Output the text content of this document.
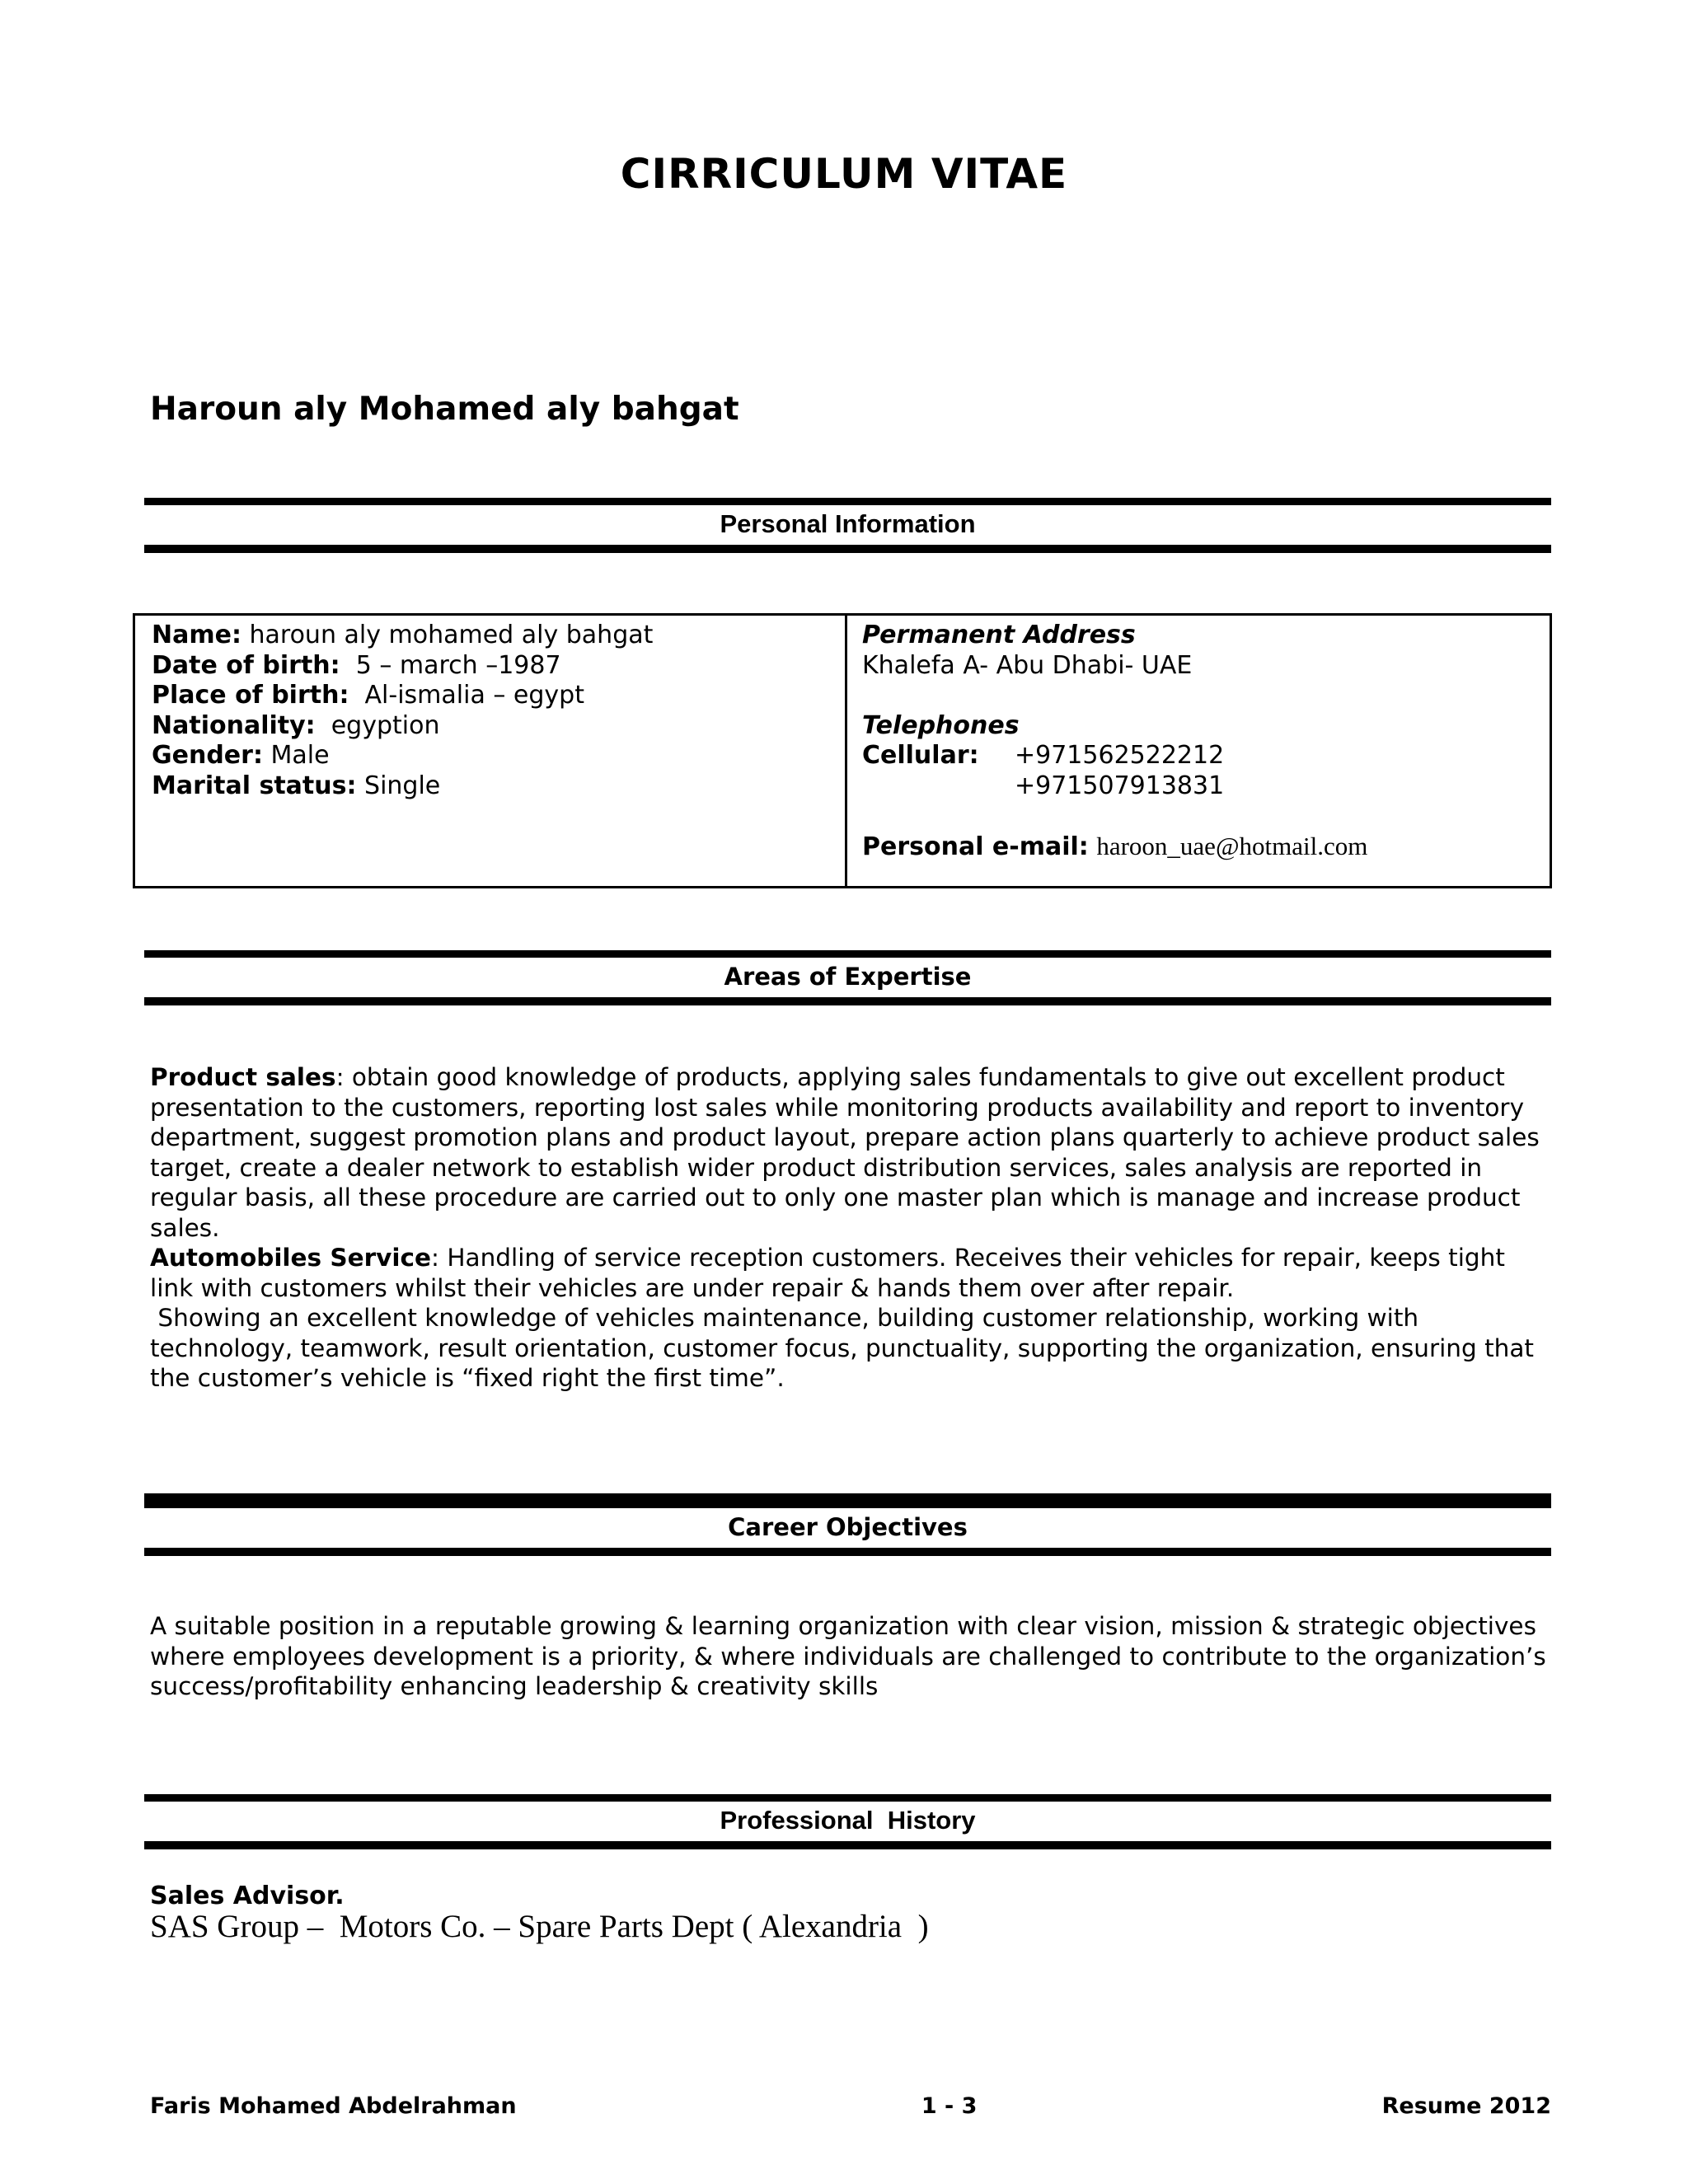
CIRRICULUM VITAE
Haroun aly Mohamed aly bahgat
Personal Information
Name: haroun aly mohamed aly bahgat
Date of birth:  5 – march –1987
Place of birth:  Al-ismalia – egypt
Nationality:  egyption
Gender: Male
Marital status: Single
Permanent Address
Khalefa A- Abu Dhabi- UAE
Telephones
Cellular:	+971562522212
+971507913831
Personal e-mail: haroon_uae@hotmail.com
Areas of Expertise

Product sales: obtain good knowledge of products, applying sales fundamentals to give out excellent product presentation to the customers, reporting lost sales while monitoring products availability and report to inventory department, suggest promotion plans and product layout, prepare action plans quarterly to achieve product sales target, create a dealer network to establish wider product distribution services, sales analysis are reported in regular basis, all these procedure are carried out to only one master plan which is manage and increase product sales.

Automobiles Service: Handling of service reception customers. Receives their vehicles for repair, keeps tight link with customers whilst their vehicles are under repair & hands them over after repair.

Showing an excellent knowledge of vehicles maintenance, building customer relationship, working with technology, teamwork, result orientation, customer focus, punctuality, supporting the organization, ensuring that the customer’s vehicle is “fixed right the first time”.

Career Objectives

A suitable position in a reputable growing & learning organization with clear vision, mission & strategic objectives where employees development is a priority, & where individuals are challenged to contribute to the organization’s success/profitability enhancing leadership & creativity skills

Professional  History
Sales Advisor.
SAS Group –  Motors Co. – Spare Parts Dept ( Alexandria  )
Faris Mohamed Abdelrahman	1 - 3	Resume 2012
